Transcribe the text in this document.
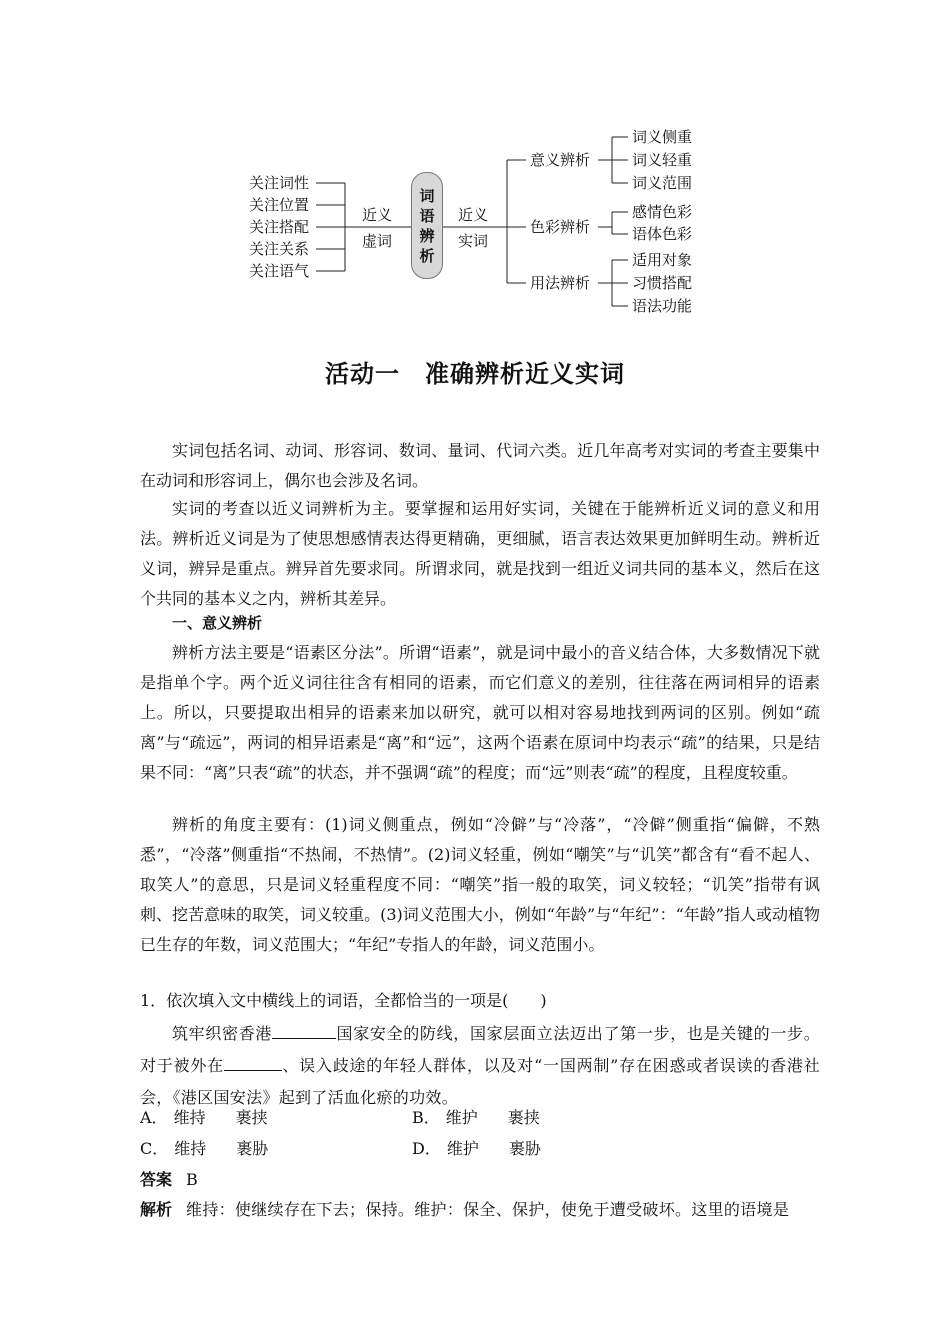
关注词性
关注位置
关注搭配
关注关系
关注语气
近义
虚词
词
语
辨
析
近义
实词
意义辨析
色彩辨析
用法辨析
词义侧重
词义轻重
词义范围
感情色彩
语体色彩
适用对象
习惯搭配
语法功能
活动一　准确辨析近义实词
实词包括名词、动词、形容词、数词、量词、代词六类。近几年高考对实词的考查主要集中在动词和形容词上，偶尔也会涉及名词。
实词的考查以近义词辨析为主。要掌握和运用好实词，关键在于能辨析近义词的意义和用法。辨析近义词是为了使思想感情表达得更精确，更细腻，语言表达效果更加鲜明生动。辨析近义词，辨异是重点。辨异首先要求同。所谓求同，就是找到一组近义词共同的基本义，然后在这个共同的基本义之内，辨析其差异。
一、意义辨析
辨析方法主要是“语素区分法”。所谓“语素”，就是词中最小的音义结合体，大多数情况下就是指单个字。两个近义词往往含有相同的语素，而它们意义的差别，往往落在两词相异的语素上。所以，只要提取出相异的语素来加以研究，就可以相对容易地找到两词的区别。例如“疏离”与“疏远”，两词的相异语素是“离”和“远”，这两个语素在原词中均表示“疏”的结果，只是结果不同：“离”只表“疏”的状态，并不强调“疏”的程度；而“远”则表“疏”的程度，且程度较重。
辨析的角度主要有：(1)词义侧重点，例如“冷僻”与“冷落”，“冷僻”侧重指“偏僻，不熟悉”，“冷落”侧重指“不热闹，不热情”。(2)词义轻重，例如“嘲笑”与“讥笑”都含有“看不起人、取笑人”的意思，只是词义轻重程度不同：“嘲笑”指一般的取笑，词义较轻；“讥笑”指带有讽刺、挖苦意味的取笑，词义较重。(3)词义范围大小，例如“年龄”与“年纪”：“年龄”指人或动植物已生存的年数，词义范围大；“年纪”专指人的年龄，词义范围小。
1．依次填入文中横线上的词语，全都恰当的一项是(　　)
筑牢织密香港	国家安全的防线，国家层面立法迈出了第一步，也是关键的一步。对于被外在	、误入歧途的年轻人群体，以及对“一国两制”存在困惑或者误读的香港社会，《港区国安法》起到了活血化瘀的功效。
A． 维持 裹挟	B． 维护 裹挟
C． 维持 裹胁	D． 维护 裹胁
答案 B
解析 维持：使继续存在下去；保持。维护：保全、保护，使免于遭受破坏。这里的语境是
